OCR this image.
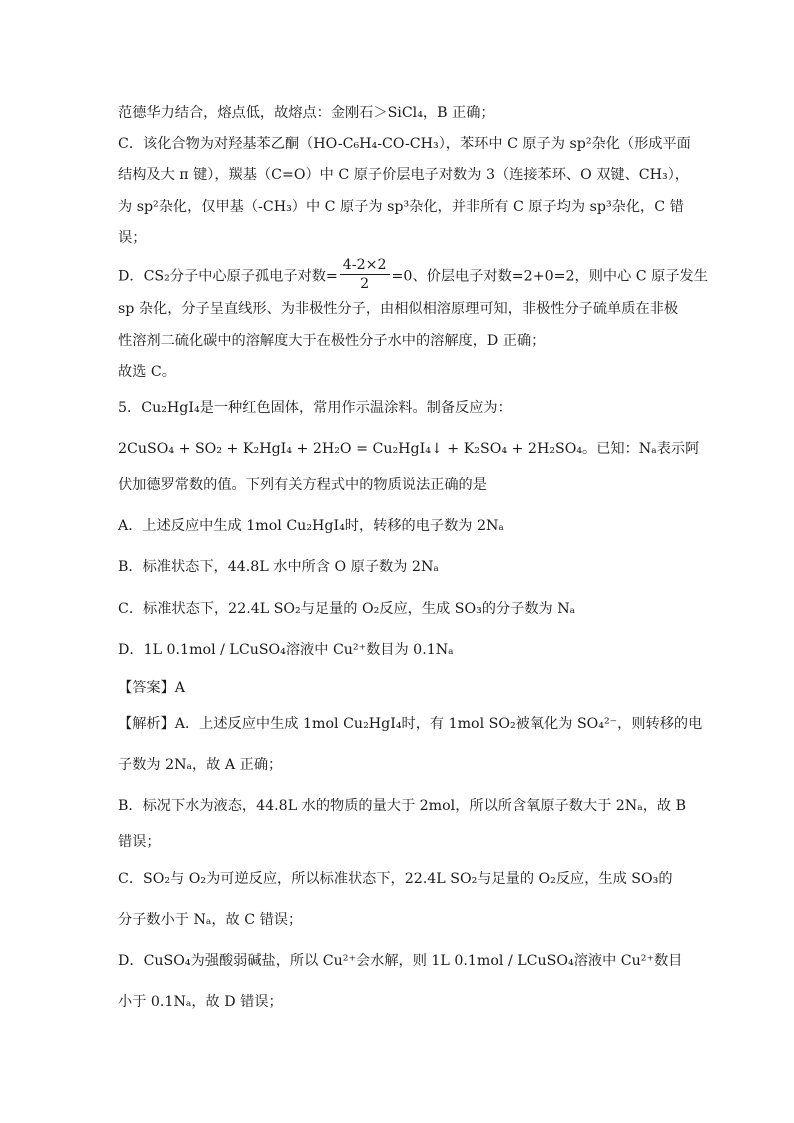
范德华力结合，熔点低，故熔点：金刚石＞SiCl₄，B 正确；
C．该化合物为对羟基苯乙酮（HO-C₆H₄-CO-CH₃），苯环中 C 原子为 sp²杂化（形成平面
结构及大 π 键），羰基（C=O）中 C 原子价层电子对数为 3（连接苯环、O 双键、CH₃），
为 sp²杂化，仅甲基（-CH₃）中 C 原子为 sp³杂化，并非所有 C 原子均为 sp³杂化，C 错
误；
D．CS₂分子中心原子孤电子对数= $\frac{4-2\times 2}{2} =0$、价层电子对数=2+0=2，则中心 C 原子发生
sp 杂化，分子呈直线形、为非极性分子，由相似相溶原理可知，非极性分子硫单质在非极
性溶剂二硫化碳中的溶解度大于在极性分子水中的溶解度，D 正确；
故选 C。
5．Cu₂HgI₄是一种红色固体，常用作示温涂料。制备反应为：
2CuSO₄ + SO₂ + K₂HgI₄ + 2H₂O = Cu₂HgI₄↓ + K₂SO₄ + 2H₂SO₄。已知：Nₐ表示阿
伏加德罗常数的值。下列有关方程式中的物质说法正确的是
A．上述反应中生成 1mol Cu₂HgI₄时，转移的电子数为 2Nₐ
B．标准状态下，44.8L 水中所含 O 原子数为 2Nₐ
C．标准状态下，22.4L SO₂与足量的 O₂反应，生成 SO₃的分子数为 Nₐ
D．1L 0.1mol / LCuSO₄溶液中 Cu²⁺数目为 0.1Nₐ
【答案】A
【解析】A．上述反应中生成 1mol Cu₂HgI₄时，有 1mol SO₂被氧化为 SO₄²⁻，则转移的电
子数为 2Nₐ，故 A 正确；
B．标况下水为液态，44.8L 水的物质的量大于 2mol，所以所含氧原子数大于 2Nₐ，故 B
错误；
C．SO₂与 O₂为可逆反应，所以标准状态下，22.4L SO₂与足量的 O₂反应，生成 SO₃的
分子数小于 Nₐ，故 C 错误；
D．CuSO₄为强酸弱碱盐，所以 Cu²⁺会水解，则 1L 0.1mol / LCuSO₄溶液中 Cu²⁺数目
小于 0.1Nₐ，故 D 错误；
